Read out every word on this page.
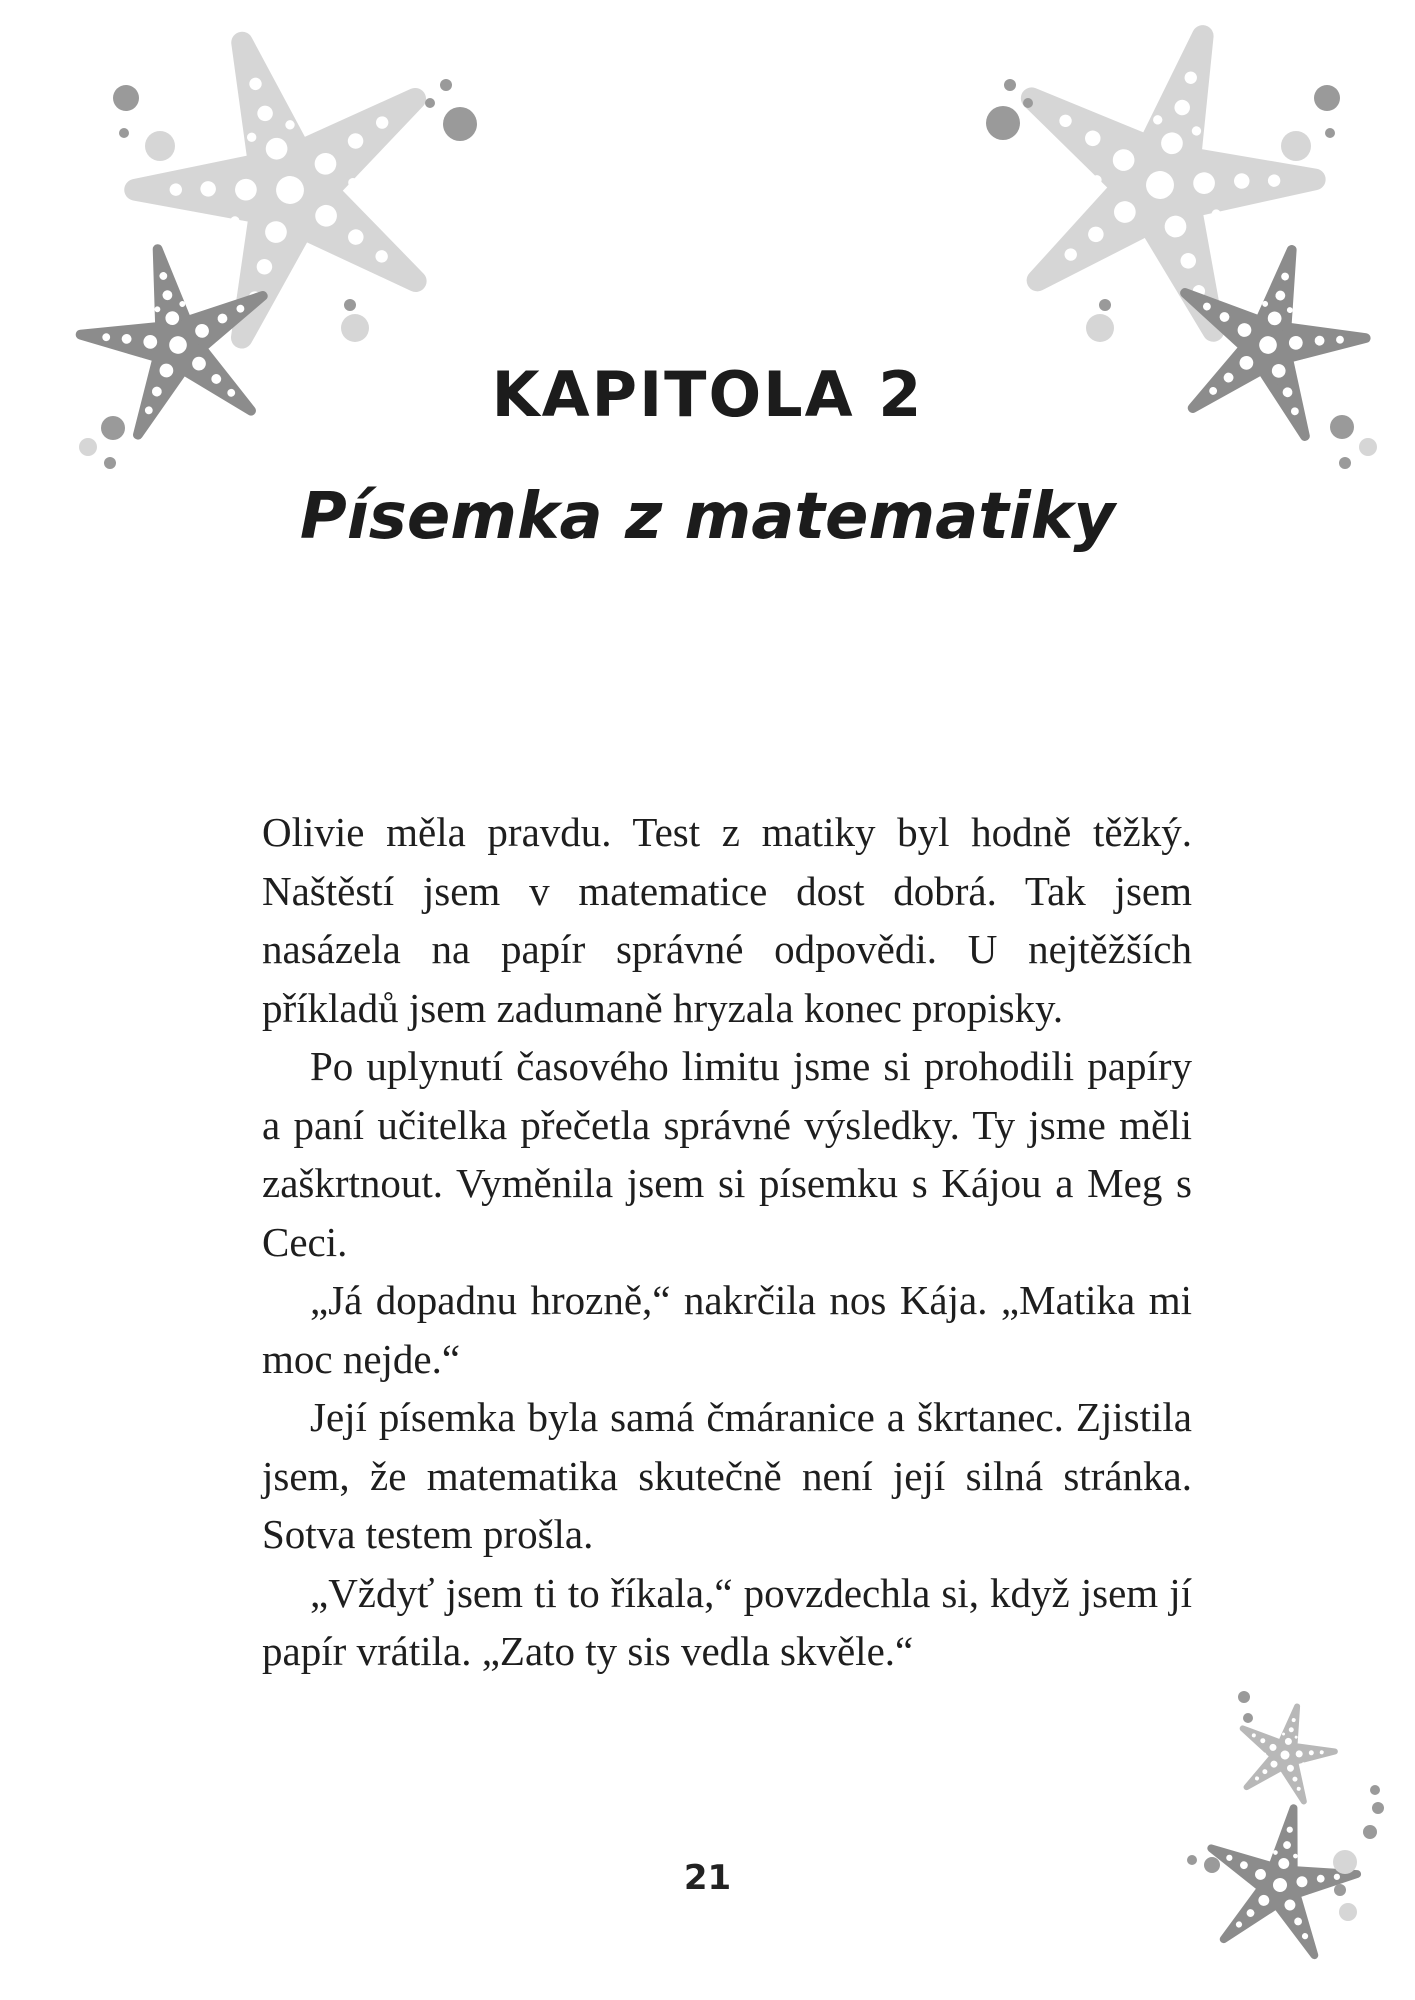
KAPITOLA 2
Písemka z matematiky

Olivie měla pravdu. Test z matiky byl hodně těžký. Naštěstí jsem v matematice dost dobrá. Tak jsem nasázela na papír správné odpovědi. U nejtěžších příkladů jsem zadumaně hryzala konec propisky.

Po uplynutí časového limitu jsme si prohodili papíry a paní učitelka přečetla správné výsledky. Ty jsme měli zaškrtnout. Vyměnila jsem si písemku s Kájou a Meg s Ceci.

„Já dopadnu hrozně,“ nakrčila nos Kája. „Matika mi moc nejde.“

Její písemka byla samá čmáranice a škrtanec. Zjistila jsem, že matematika skutečně není její silná stránka. Sotva testem prošla.

„Vždyť jsem ti to říkala,“ povzdechla si, když jsem jí papír vrátila. „Zato ty sis vedla skvěle.“

21
